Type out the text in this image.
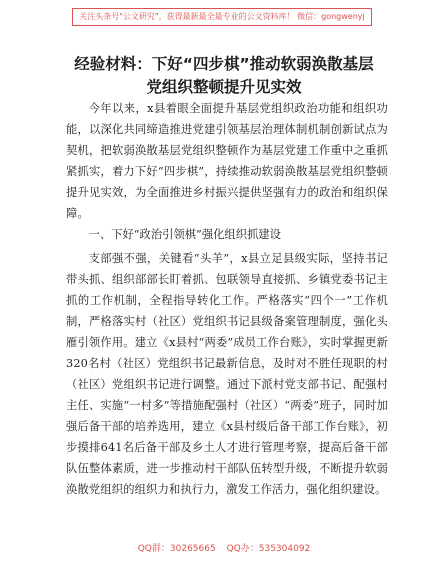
关注头条号"公文研究"，获得最新最全最专业的公文资料库！ 微信：gongwenyj
经验材料：下好“四步棋”推动软弱涣散基层
党组织整顿提升见实效
今年以来，x县着眼全面提升基层党组织政治功能和组织功能，以深化共同缔造推进党建引领基层治理体制机制创新试点为契机，把软弱涣散基层党组织整顿作为基层党建工作重中之重抓紧抓实，着力下好“四步棋”，持续推动软弱涣散基层党组织整顿提升见实效，为全面推进乡村振兴提供坚强有力的政治和组织保障。
一、下好“政治引领棋”强化组织抓建设
支部强不强，关键看“头羊”，x县立足县级实际，坚持书记带头抓、组织部部长盯着抓、包联领导直接抓、乡镇党委书记主抓的工作机制，全程指导转化工作。严格落实“四个一”工作机制，严格落实村（社区）党组织书记县级备案管理制度，强化头雁引领作用。建立《x县村“两委”成员工作台账》，实时掌握更新320名村（社区）党组织书记最新信息，及时对不胜任现职的村（社区）党组织书记进行调整。通过下派村党支部书记、配强村主任、实施“一村多”等措施配强村（社区）“两委”班子，同时加强后备干部的培养选用，建立《x县村级后备干部工作台账》，初步摸排641名后备干部及乡土人才进行管理考察，提高后备干部队伍整体素质，进一步推动村干部队伍转型升级，不断提升软弱涣散党组织的组织力和执行力，激发工作活力，强化组织建设。
QQ群：30265665 QQ办：535304092
